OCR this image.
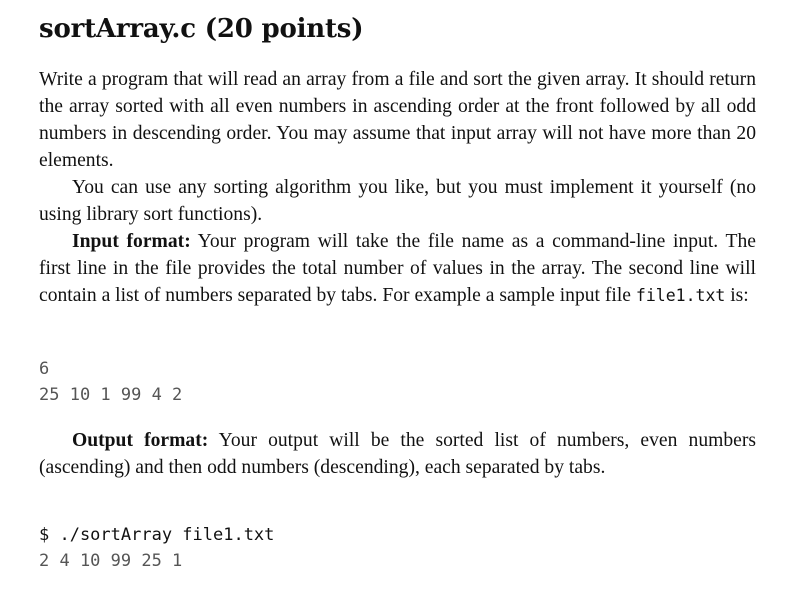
sortArray.c (20 points)
Write a program that will read an array from a file and sort the given array. It should return the array sorted with all even numbers in ascending order at the front followed by all odd numbers in descending order. You may assume that input array will not have more than 20 elements.

You can use any sorting algorithm you like, but you must implement it yourself (no using library sort functions).
Input format: Your program will take the file name as a command-line input. The first line in the file provides the total number of values in the array. The second line will contain a list of numbers separated by tabs. For example a sample input file file1.txt is:
6
25 10 1 99 4 2
Output format: Your output will be the sorted list of numbers, even numbers (ascending) and then odd numbers (descending), each separated by tabs.
$ ./sortArray file1.txt
2 4 10 99 25 1
